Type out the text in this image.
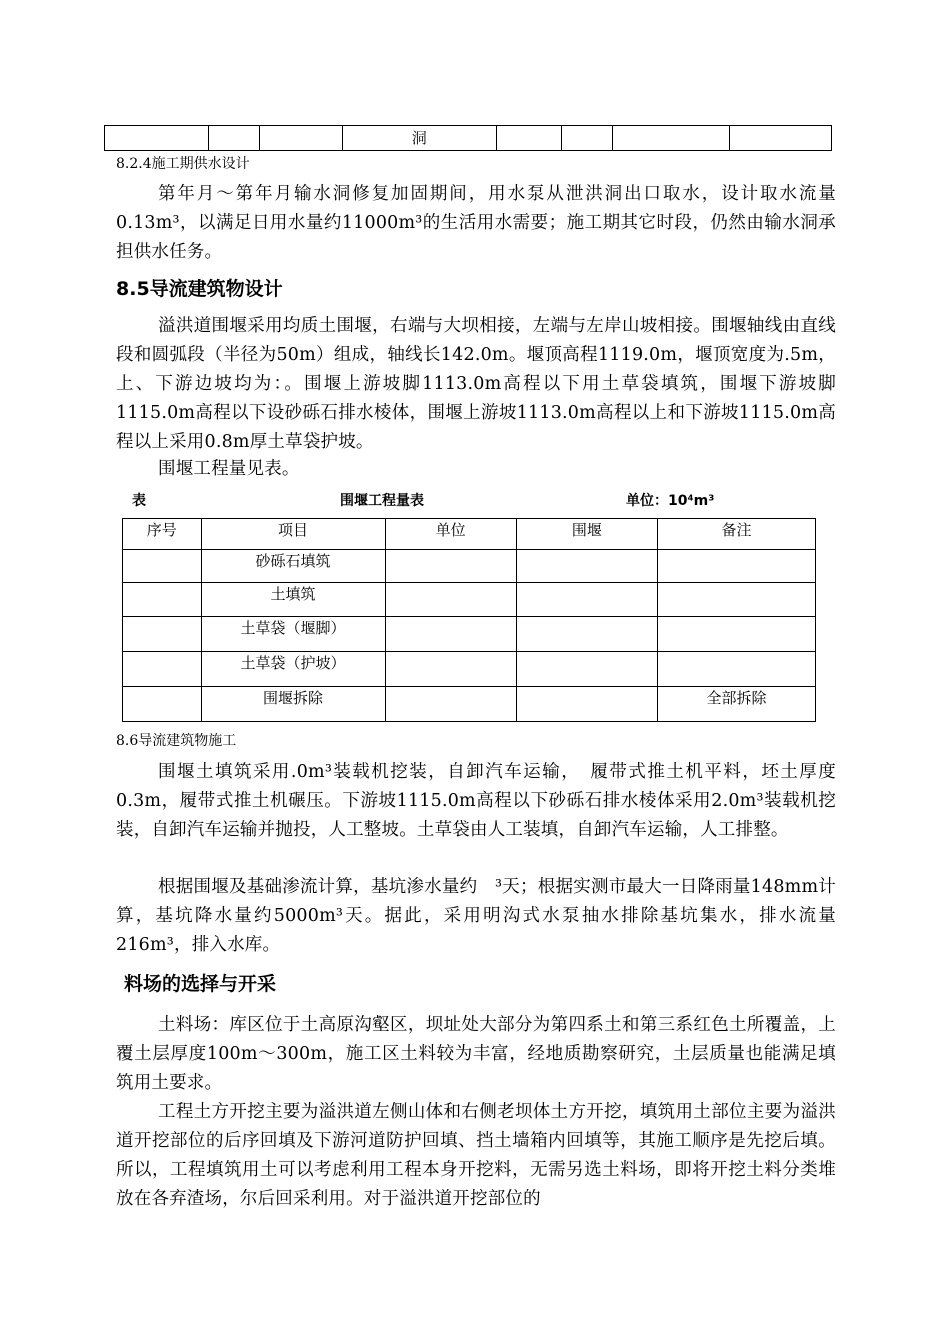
			洞				
8.2.4施工期供水设计
第年月～第年月输水洞修复加固期间，用水泵从泄洪洞出口取水，设计取水流量0.13m³，以满足日用水量约11000m³的生活用水需要；施工期其它时段，仍然由输水洞承担供水任务。
8.5导流建筑物设计
溢洪道围堰采用均质土围堰，右端与大坝相接，左端与左岸山坡相接。围堰轴线由直线段和圆弧段（半径为50m）组成，轴线长142.0m。堰顶高程1119.0m，堰顶宽度为.5m，上、下游边坡均为：。围堰上游坡脚1113.0m高程以下用土草袋填筑，围堰下游坡脚1115.0m高程以下设砂砾石排水棱体，围堰上游坡1113.0m高程以上和下游坡1115.0m高程以上采用0.8m厚土草袋护坡。
围堰工程量见表。
表	围堰工程量表	单位：10⁴m³
序号	项目	单位	围堰	备注
	砂砾石填筑			
	土填筑			
	土草袋（堰脚）			
	土草袋（护坡）			
	围堰拆除			全部拆除
8.6导流建筑物施工
围堰土填筑采用.0m³装载机挖装，自卸汽车运输，　履带式推土机平料，坯土厚度0.3m，履带式推土机碾压。下游坡1115.0m高程以下砂砾石排水棱体采用2.0m³装载机挖装，自卸汽车运输并抛投，人工整坡。土草袋由人工装填，自卸汽车运输，人工排整。
根据围堰及基础渗流计算，基坑渗水量约　³天；根据实测市最大一日降雨量148mm计算，基坑降水量约5000m³天。据此，采用明沟式水泵抽水排除基坑集水，排水流量216m³，排入水库。
料场的选择与开采
土料场：库区位于土高原沟壑区，坝址处大部分为第四系土和第三系红色土所覆盖，上覆土层厚度100m～300m，施工区土料较为丰富，经地质勘察研究，土层质量也能满足填筑用土要求。
工程土方开挖主要为溢洪道左侧山体和右侧老坝体土方开挖，填筑用土部位主要为溢洪道开挖部位的后序回填及下游河道防护回填、挡土墙箱内回填等，其施工顺序是先挖后填。所以，工程填筑用土可以考虑利用工程本身开挖料，无需另选土料场，即将开挖土料分类堆放在各弃渣场，尔后回采利用。对于溢洪道开挖部位的
